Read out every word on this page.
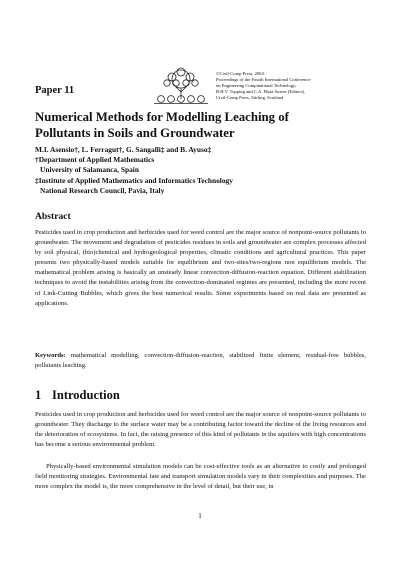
©Civil-Comp Press, 2004.
Proceedings of the Fourth International Conference
on Engineering Computational Technology,
B.H.V. Topping and C.A. Mota Soares (Editors),
Civil-Comp Press, Stirling, Scotland
Paper 11
Numerical Methods for Modelling Leaching of
Pollutants in Soils and Groundwater
M.I. Asensio†, L. Ferragut†, G. Sangalli‡ and B. Ayuso‡
†Department of Applied Mathematics
University of Salamanca, Spain
‡Institute of Applied Mathematics and Informatics Technology
National Research Council, Pavia, Italy
Abstract
Pesticides used in crop production and herbicides used for weed control are the major source of nonpoint-source pollutants to groundwater. The movement and degradation of pesticides residues in soils and groundwater are complex processes affected by soil physical, (bio)chemical and hydrogeological properties, climatic conditions and agricultural practices. This paper presents two physically-based models suitable for equilibrium and two-sites/two-regions non equilibrium models. The mathematical problem arising is basically an unsteady linear convection-diffusion-reaction equation. Different stabilization techniques to avoid the instabilities arising from the convection-dominated regimes are presented, including the more recent of Link-Cutting Bubbles, which gives the best numerical results. Some experiments based on real data are presented as applications.
Keywords: mathematical modelling, convection-diffusion-reaction, stabilized finite element, residual-free bubbles, pollutants leaching.
1 Introduction
Pesticides used in crop production and herbicides used for weed control are the major source of nonpoint-source pollutants to groundwater. They discharge to the surface water may be a contributing factor toward the decline of the living resources and the deterioration of ecosystems. In fact, the raising presence of this kind of pollutants in the aquifers with high concentrations has become a serious environmental problem.
Physically-based environmental simulation models can be cost-effective tools as an alternative to costly and prolonged field monitoring strategies. Environmental fate and transport simulation models vary in their complexities and purposes. The more complex the model is, the more comprehensive in the level of detail, but their use, in
1
